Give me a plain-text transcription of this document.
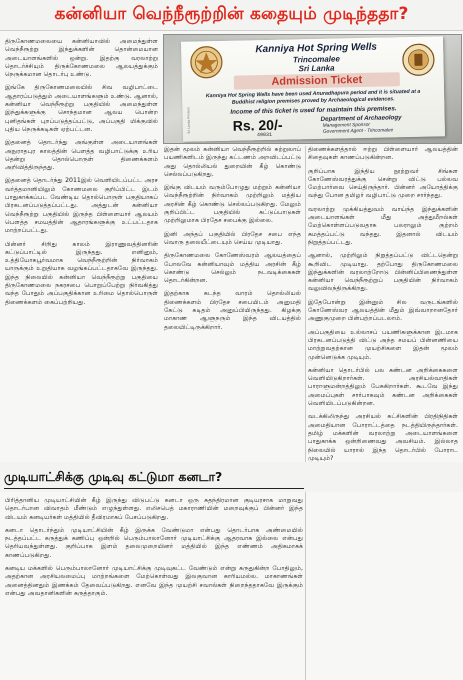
கன்னியா வெந்நீரூற்றின் கதையும் முடிந்ததா?

திருகோணமலையை கன்னியாவில் அமைந்துள்ள வெந்நீரூற்று இந்துக்களின் தொன்மையான அடையாளங்களில் ஒன்று. இதற்கு வரலாற்று தொடர்ச்சியும் திருக்கோணமலை ஆலயத்துக்கும் நெருக்கமான தொடர்பு உண்டு.

இங்கே திருகோணமலையில் சிவ வழிபாட்டை ஆதாரப்படுத்தும் அடையாளங்களும் உண்டு. ஆனால், கன்னியா வெந்நீரூற்று பகுதியில் அமைந்துள்ள இந்துக்களுக்கு சொந்தமான ஆலய பொன்ற புனிதங்கள் புறப்படுத்தப்பட்டு, அப்பகுதி மிக்குவில் புதிய நெருக்கடிகள் ஏற்பட்டன.

இதனைத் தொடர்ந்து அங்குள்ள அடையாளங்கள் அநுராதபுர காலத்தின் பௌத்த வழிபாட்டுக்கு உரிய தென்று தொல்பொருள் திணைக்களம் அறிவித்திருந்தது.

இதனைத் தொடர்ந்து 2011இல் வெளியிடப்பட்ட அரச வர்த்தமானியிலும் கோணமலை குறிப்பிட்ட இடம் பாதுகாக்கப்பட வேண்டிய தொல்பொருள் பகுதியாகப் பிரகடனப்படுத்தப்பட்டது. அத்துடன் கன்னியா வெந்நீரூற்று பகுதியில் இருந்த பிள்ளையார் ஆலயம் பௌத்த சமயத்தின் ஆதாரங்களுக்கு உட்பட்டதாக மாற்றப்பட்டது.

பின்னர் சிறிது காலம் இராணுவத்தினரின் கட்டுப்பாட்டில் இருந்தது. எனினும், உத்தியோகபூர்வமாக வெந்நீரூற்றின் நிர்வாகம் யாருக்கும் உறுதியாக வழங்கப்பட்டதாகவே இருந்தது. இந்த நிலையில் கன்னியா வெந்நீரூற்று பகுதியை திருகோணமலை நகரசபை பொறுப்பேற்று நிர்வகித்து வந்த போதும் அப்பகுதிக்கான உரிமை தொல்பொருள் திணைக்களம் கைப்பற்றியது.

Kanniya Hot Spring Wells
Trincomalee
Sri Lanka
Admission Ticket
Kanniya Hot Spring Wells have been used Anuradhapura period and it is situated at a Buddhist religion premises proved by Archaeological evidences.
Income of this ticket is used for maintain this premises.
Rs. 20/-
49031
Department of Archaeology
Management Sponsor
Government Agent - Trincomalee
Sri Lanka Printers

இதன் மூலம் கன்னியா வெந்நீரூற்றில் சுற்றுலாப் பயணிகளிடம் இருந்து கட்டணம் அறவிடப்பட்டு அது தொல்லியல் துறையின் கீழ் கொண்டு செல்லப்படுகிறது.

இங்கு விடயம் வரும்போழுது மற்றும் கன்னியா வெந்நீரூற்றின் நிர்வாகம் முற்றிலும் மத்திய அரசின் கீழ் கொண்டு செல்லப்படுகிறது. மேலும் குறிப்பிட்ட பகுதியில் கட்டுப்பாடுகள் முற்றிலுமாக பிரதேச சபைக்கு இல்லை.

இனி அந்தப் பகுதியில் பிரதேச சபை எந்த வொரு தலையீட்டையும் செய்ய முடியாது.

திருகோணமலை கோணேஸ்வரம் ஆலயத்தைப் போலவே கன்னியாவும் மத்திய அரசின் கீழ் கொண்டு செல்லும் நடவடிக்கைகள் தொடர்கின்றன.

இதற்காக கடந்த வாரம் தொல்லியல் திணைக்களம் பிரதேச சபையிடம் அனுமதி கேட்டு கடிதம் அனுப்பியிருந்தது. கிழக்கு மாகாண ஆளுநரும் இந்த விடயத்தில் தலையிட்டிருக்கிறார்.

திணைக்களத்தால் ஈற்று பிள்ளையார் ஆலயத்தின் சிதைவுகள் காணப்படுகின்றன.

குறிப்பாக இந்திய நூற்றுவர் சிங்கள கோணேஸ்வரத்துக்கு சென்று விட்டு பல்லவ மேற்பார்வை செய்திருந்தார். பின்னர் அயோத்திக்கு வந்து போன தமிழர் வழிபாட்டு முறை சார்ந்தது.

வரலாற்று முக்கியத்துவம் வாய்ந்த இந்துக்களின் அடையாளங்கள் மீது அத்துமீறல்கள் மேற்கொள்ளப்படுவதாக பலராலும் குற்றம் சுமத்தப்பட்டு வந்தது. இதனால் விடயம் நிறுத்தப்பட்டது.

ஆனால், முற்றிலும் நிறுத்தப்பட்டு விட்டதென்று கூறிவிட முடியாது. தற்போது திருகோணமலை இந்துக்களின் வரலாற்றோடு பின்னிப்பிணைந்துள்ள கன்னியா வெந்நீரூற்றுப் பகுதியின் நிர்வாகம் வலுவிலந்திருக்கிறது.

இதேபோன்று இன்னும் சில வருடங்களில் கோணேஸ்வர ஆலயத்தின் மீதும் இவ்வாறானதோர் அணுகுமுறை பின்பற்றப்படலாம்.

அப்பகுதியை உல்லாசப் பயணிகளுக்கான இடமாக பிரகடனப்படுத்தி விட்டு அந்த சமயப் பின்னணியை மாற்றுவதற்கான முயற்சிகளை இதன் மூலம் முன்னெடுக்க முடியும்.

கன்னியா தொடர்பில் பல கண்டன அறிக்கைகளை வெளியிடுகிறார்கள். அரசியல்வாதிகள் பாராளுமன்றத்திலும் பேசுகிறார்கள். கூடவே இந்து அமைப்புகள் சார்பாகவும் கண்டன அறிக்கைகள் வெளியிடப்படுகின்றன.

வடக்கிலிருந்து அரசியல் கட்சிகளின் பிரதிநிதிகள் அமைதியான போராட்டத்தை நடத்தியிருந்தார்கள். தமிழ் மக்களின் வரலாற்று அடையாளங்களை பாதுகாக்க ஒன்றிணைவது அவசியம். இல்லாத நிலையில் யாரால் இந்த தொடர்பில் போராட முடியும்?

முடியாட்சிக்கு முடிவு கட்டுமா கனடா?

பிரித்தானிய முடியாட்சியின் கீழ் இருந்து விடுபட்டு கனடா ஒரு சுதந்திரமான குடியரசாக மாறுவது தொடர்பான விவாதம் மீண்டும் எழுந்துள்ளது. எலிசபெத் மகாராணியின் மறைவுக்குப் பின்னர் இந்த விடயம் கனடியர்கள் மத்தியில் தீவிரமாகப் பேசப்படுகிறது.

கனடா தொடர்ந்தும் முடியாட்சியின் கீழ் இருக்க வேண்டுமா என்பது தொடர்பாக அண்மையில் நடத்தப்பட்ட கருத்துக் கணிப்பு ஒன்றில் பெரும்பாலானோர் முடியாட்சிக்கு ஆதரவாக இல்லை என்பது தெரியவந்துள்ளது. குறிப்பாக இளம் தலைமுறையினர் மத்தியில் இந்த எண்ணம் அதிகமாகக் காணப்படுகிறது.

கனடிய மக்களில் பெரும்பாலானோர் முடியாட்சிக்கு முடிவுகட்ட வேண்டும் என்று கருதுகின்ற போதிலும், அதற்கான அரசியலமைப்பு மாற்றங்களை மேற்கொள்வது இலகுவான காரியமல்ல. மாகாணங்கள் அனைத்தினதும் இணக்கம் தேவைப்படுகிறது. எனவே இந்த முயற்சி சவால்கள் நிறைந்ததாகவே இருக்கும் என்பது அவதானிகளின் கருத்தாகும்.
